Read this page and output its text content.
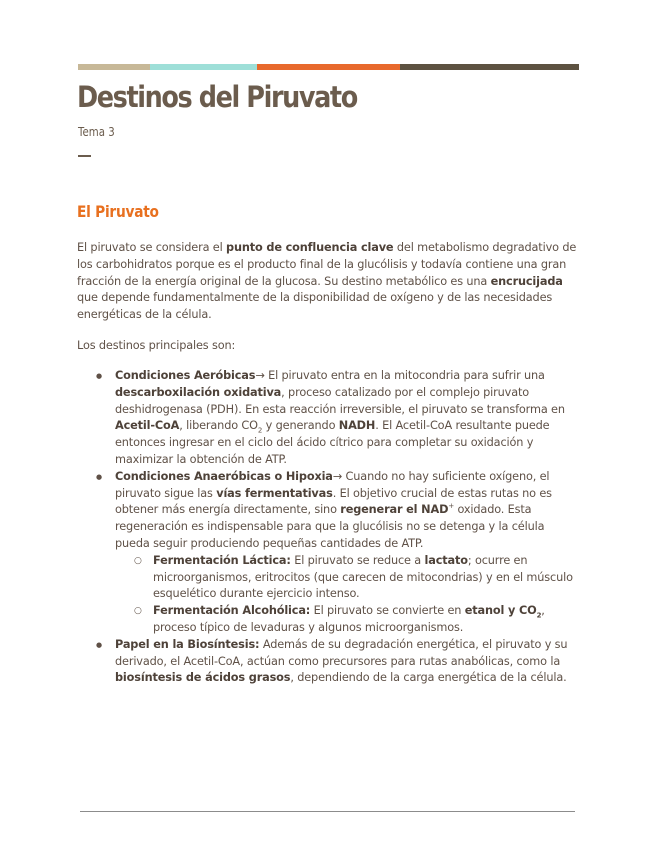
Destinos del Piruvato
Tema 3
El Piruvato

El piruvato se considera el punto de confluencia clave del metabolismo degradativo de los carbohidratos porque es el producto final de la glucólisis y todavía contiene una gran fracción de la energía original de la glucosa. Su destino metabólico es una encrucijada que depende fundamentalmente de la disponibilidad de oxígeno y de las necesidades energéticas de la célula.

Los destinos principales son:

● Condiciones Aeróbicas→ El piruvato entra en la mitocondria para sufrir una descarboxilación oxidativa, proceso catalizado por el complejo piruvato deshidrogenasa (PDH). En esta reacción irreversible, el piruvato se transforma en Acetil-CoA, liberando $CO_2$ y generando NADH. El Acetil-CoA resultante puede entonces ingresar en el ciclo del ácido cítrico para completar su oxidación y maximizar la obtención de ATP.
● Condiciones Anaeróbicas o Hipoxia→ Cuando no hay suficiente oxígeno, el piruvato sigue las vías fermentativas. El objetivo crucial de estas rutas no es obtener más energía directamente, sino regenerar el NAD+ oxidado. Esta regeneración es indispensable para que la glucólisis no se detenga y la célula pueda seguir produciendo pequeñas cantidades de ATP.
○ Fermentación Láctica: El piruvato se reduce a lactato; ocurre en microorganismos, eritrocitos (que carecen de mitocondrias) y en el músculo esquelético durante ejercicio intenso.
○ Fermentación Alcohólica: El piruvato se convierte en etanol y $CO_2$, proceso típico de levaduras y algunos microorganismos.
● Papel en la Biosíntesis: Además de su degradación energética, el piruvato y su derivado, el Acetil-CoA, actúan como precursores para rutas anabólicas, como la biosíntesis de ácidos grasos, dependiendo de la carga energética de la célula.
